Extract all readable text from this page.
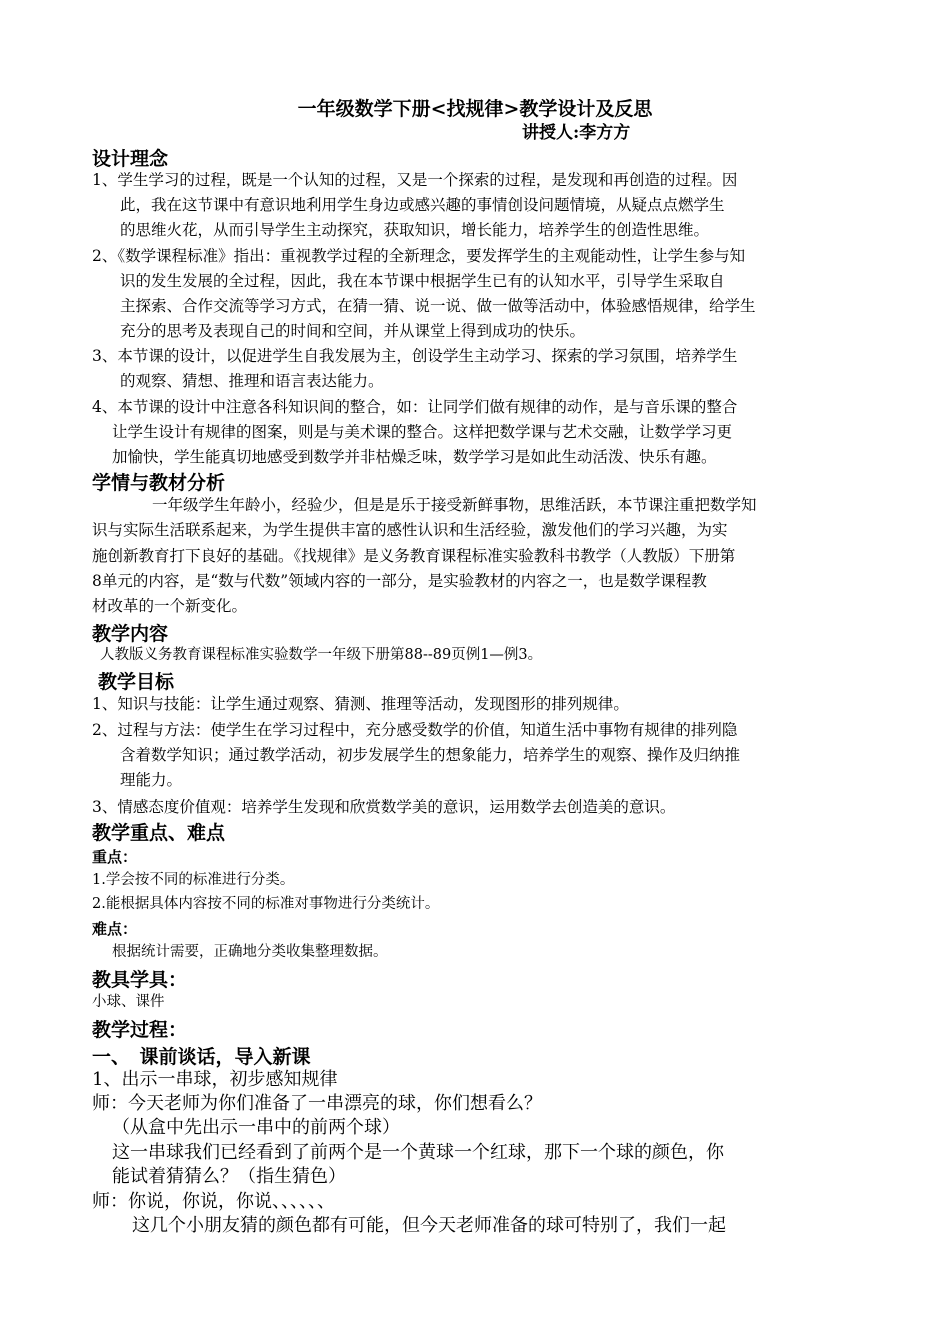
一年级数学下册<找规律>教学设计及反思
讲授人:李方方
设计理念
1、学生学习的过程，既是一个认知的过程，又是一个探索的过程，是发现和再创造的过程。因
此，我在这节课中有意识地利用学生身边或感兴趣的事情创设问题情境，从疑点点燃学生
的思维火花，从而引导学生主动探究，获取知识，增长能力，培养学生的创造性思维。
2、《数学课程标准》指出：重视教学过程的全新理念，要发挥学生的主观能动性，让学生参与知
识的发生发展的全过程，因此，我在本节课中根据学生已有的认知水平，引导学生采取自
主探索、合作交流等学习方式，在猜一猜、说一说、做一做等活动中，体验感悟规律，给学生
充分的思考及表现自己的时间和空间，并从课堂上得到成功的快乐。
3、本节课的设计，以促进学生自我发展为主，创设学生主动学习、探索的学习氛围，培养学生
的观察、猜想、推理和语言表达能力。
4、本节课的设计中注意各科知识间的整合，如：让同学们做有规律的动作，是与音乐课的整合
让学生设计有规律的图案，则是与美术课的整合。这样把数学课与艺术交融，让数学学习更
加愉快，学生能真切地感受到数学并非枯燥乏味，数学学习是如此生动活泼、快乐有趣。
学情与教材分析
一年级学生年龄小，经验少，但是是乐于接受新鲜事物，思维活跃，本节课注重把数学知
识与实际生活联系起来，为学生提供丰富的感性认识和生活经验，激发他们的学习兴趣，为实
施创新教育打下良好的基础。《找规律》是义务教育课程标准实验教科书教学（人教版）下册第
8单元的内容，是“数与代数”领域内容的一部分，是实验教材的内容之一，也是数学课程教
材改革的一个新变化。
教学内容
人教版义务教育课程标准实验数学一年级下册第88--89页例1—例3。
教学目标
1、知识与技能：让学生通过观察、猜测、推理等活动，发现图形的排列规律。
2、过程与方法：使学生在学习过程中，充分感受数学的价值，知道生活中事物有规律的排列隐
含着数学知识；通过教学活动，初步发展学生的想象能力，培养学生的观察、操作及归纳推
理能力。
3、情感态度价值观：培养学生发现和欣赏数学美的意识，运用数学去创造美的意识。
教学重点、难点
重点：
1.学会按不同的标准进行分类。
2.能根据具体内容按不同的标准对事物进行分类统计。
难点：
根据统计需要，正确地分类收集整理数据。
教具学具：
小球、课件
教学过程：
一、　课前谈话，导入新课
1、出示一串球，初步感知规律
师：今天老师为你们准备了一串漂亮的球，你们想看么？
（从盒中先出示一串中的前两个球）
这一串球我们已经看到了前两个是一个黄球一个红球，那下一个球的颜色，你
能试着猜猜么？（指生猜色）
师：你说，你说，你说、、、、、、
这几个小朋友猜的颜色都有可能，但今天老师准备的球可特别了，我们一起
